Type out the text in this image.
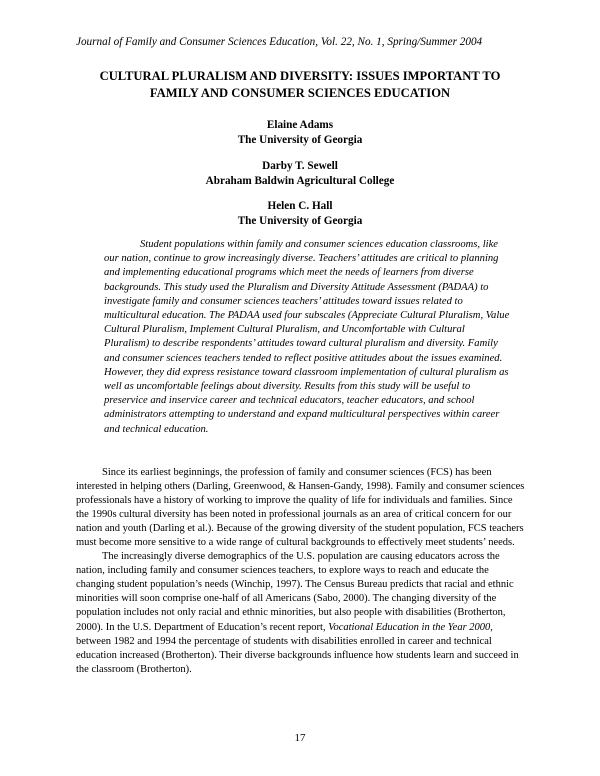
Journal of Family and Consumer Sciences Education, Vol. 22, No. 1, Spring/Summer 2004
CULTURAL PLURALISM AND DIVERSITY: ISSUES IMPORTANT TO
FAMILY AND CONSUMER SCIENCES EDUCATION
Elaine Adams
The University of Georgia
Darby T. Sewell
Abraham Baldwin Agricultural College
Helen C. Hall
The University of Georgia
Student populations within family and consumer sciences education classrooms, like our nation, continue to grow increasingly diverse. Teachers’ attitudes are critical to planning and implementing educational programs which meet the needs of learners from diverse backgrounds. This study used the Pluralism and Diversity Attitude Assessment (PADAA) to investigate family and consumer sciences teachers’ attitudes toward issues related to multicultural education. The PADAA used four subscales (Appreciate Cultural Pluralism, Value Cultural Pluralism, Implement Cultural Pluralism, and Uncomfortable with Cultural Pluralism) to describe respondents’ attitudes toward cultural pluralism and diversity. Family and consumer sciences teachers tended to reflect positive attitudes about the issues examined. However, they did express resistance toward classroom implementation of cultural pluralism as well as uncomfortable feelings about diversity. Results from this study will be useful to preservice and inservice career and technical educators, teacher educators, and school administrators attempting to understand and expand multicultural perspectives within career and technical education.

Since its earliest beginnings, the profession of family and consumer sciences (FCS) has been interested in helping others (Darling, Greenwood, & Hansen-Gandy, 1998). Family and consumer sciences professionals have a history of working to improve the quality of life for individuals and families. Since the 1990s cultural diversity has been noted in professional journals as an area of critical concern for our nation and youth (Darling et al.). Because of the growing diversity of the student population, FCS teachers must become more sensitive to a wide range of cultural backgrounds to effectively meet students’ needs.

The increasingly diverse demographics of the U.S. population are causing educators across the nation, including family and consumer sciences teachers, to explore ways to reach and educate the changing student population’s needs (Winchip, 1997). The Census Bureau predicts that racial and ethnic minorities will soon comprise one-half of all Americans (Sabo, 2000). The changing diversity of the population includes not only racial and ethnic minorities, but also people with disabilities (Brotherton, 2000). In the U.S. Department of Education’s recent report, Vocational Education in the Year 2000, between 1982 and 1994 the percentage of students with disabilities enrolled in career and technical education increased (Brotherton). Their diverse backgrounds influence how students learn and succeed in the classroom (Brotherton).

17
